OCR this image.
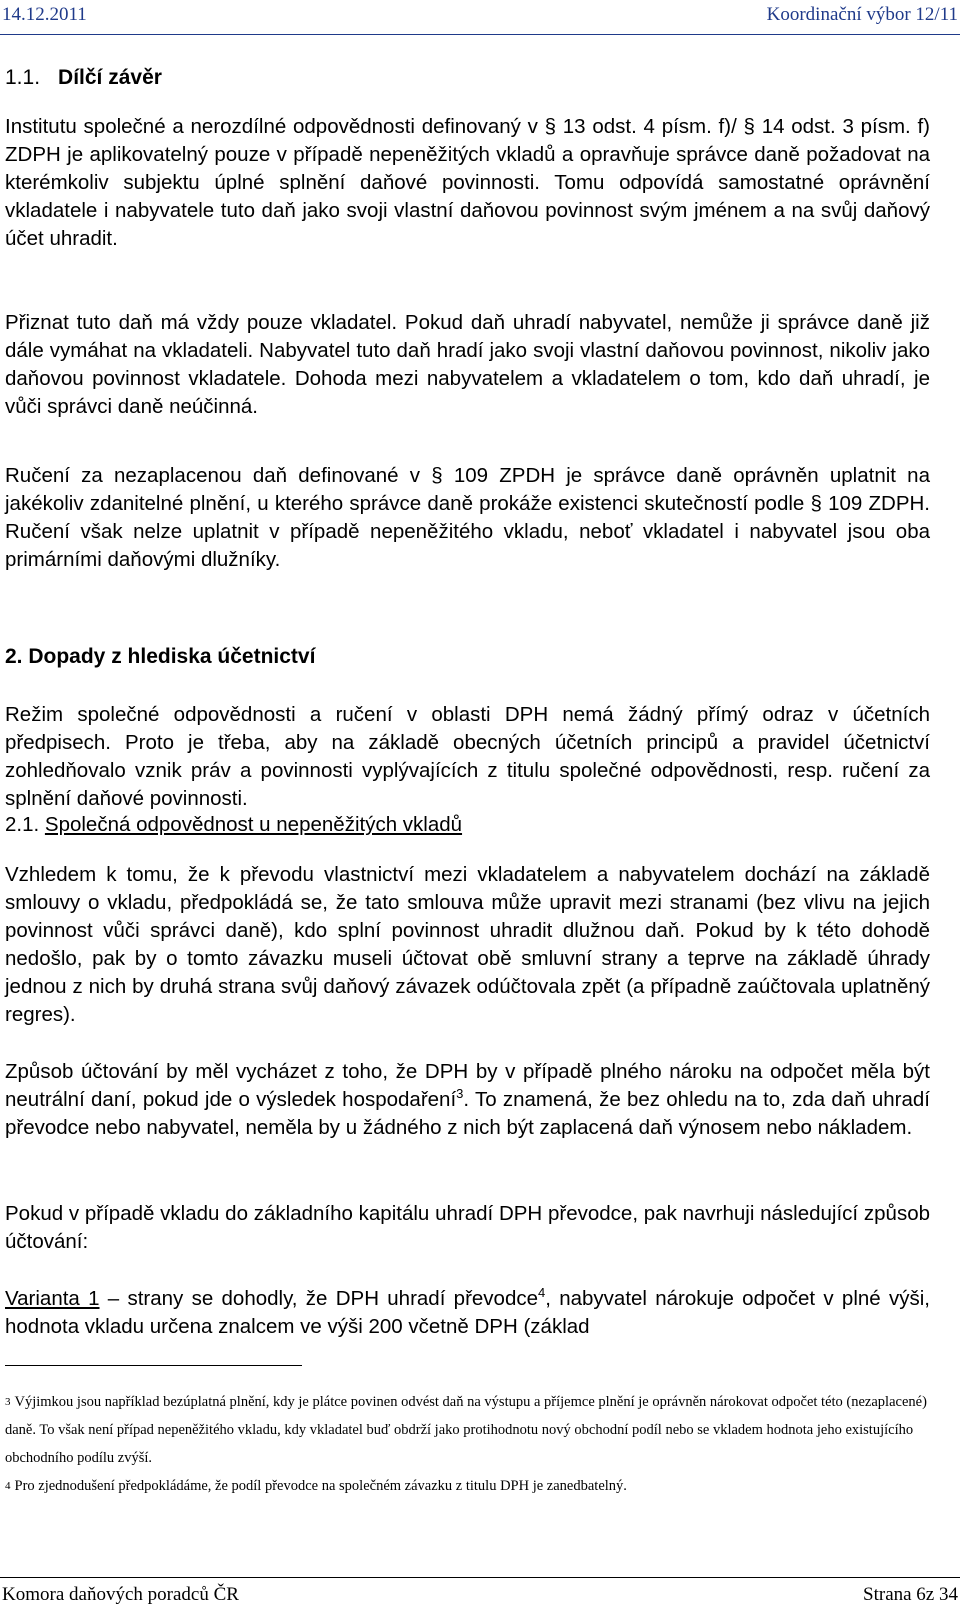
14.12.2011	Koordinační výbor 12/11
1.1. Dílčí závěr

Institutu společné a nerozdílné odpovědnosti definovaný v § 13 odst. 4 písm. f)/ § 14 odst. 3 písm. f) ZDPH je aplikovatelný pouze v případě nepeněžitých vkladů a opravňuje správce daně požadovat na kterémkoliv subjektu úplné splnění daňové povinnosti. Tomu odpovídá samostatné oprávnění vkladatele i nabyvatele tuto daň jako svoji vlastní daňovou povinnost svým jménem a na svůj daňový účet uhradit.

Přiznat tuto daň má vždy pouze vkladatel. Pokud daň uhradí nabyvatel, nemůže ji správce daně již dále vymáhat na vkladateli. Nabyvatel tuto daň hradí jako svoji vlastní daňovou povinnost, nikoliv jako daňovou povinnost vkladatele. Dohoda mezi nabyvatelem a vkladatelem o tom, kdo daň uhradí, je vůči správci daně neúčinná.

Ručení za nezaplacenou daň definované v § 109 ZPDH je správce daně oprávněn uplatnit na jakékoliv zdanitelné plnění, u kterého správce daně prokáže existenci skutečností podle § 109 ZDPH. Ručení však nelze uplatnit v případě nepeněžitého vkladu, neboť vkladatel i nabyvatel jsou oba primárními daňovými dlužníky.

2. Dopady z hlediska účetnictví

Režim společné odpovědnosti a ručení v oblasti DPH nemá žádný přímý odraz v účetních předpisech. Proto je třeba, aby na základě obecných účetních principů a pravidel účetnictví zohledňovalo vznik práv a povinnosti vyplývajících z titulu společné odpovědnosti, resp. ručení za splnění daňové povinnosti.

2.1. Společná odpovědnost u nepeněžitých vkladů

Vzhledem k tomu, že k převodu vlastnictví mezi vkladatelem a nabyvatelem dochází na základě smlouvy o vkladu, předpokládá se, že tato smlouva může upravit mezi stranami (bez vlivu na jejich povinnost vůči správci daně), kdo splní povinnost uhradit dlužnou daň. Pokud by k této dohodě nedošlo, pak by o tomto závazku museli účtovat obě smluvní strany a teprve na základě úhrady jednou z nich by druhá strana svůj daňový závazek odúčtovala zpět (a případně zaúčtovala uplatněný regres).

Způsob účtování by měl vycházet z toho, že DPH by v případě plného nároku na odpočet měla být neutrální daní, pokud jde o výsledek hospodaření$^3$. To znamená, že bez ohledu na to, zda daň uhradí převodce nebo nabyvatel, neměla by u žádného z nich být zaplacená daň výnosem nebo nákladem.

Pokud v případě vkladu do základního kapitálu uhradí DPH převodce, pak navrhuji následující způsob účtování:

Varianta 1 – strany se dohodly, že DPH uhradí převodce$^4$, nabyvatel nárokuje odpočet v plné výši, hodnota vkladu určena znalcem ve výši 200 včetně DPH (základ

3 Výjimkou jsou například bezúplatná plnění, kdy je plátce povinen odvést daň na výstupu a příjemce plnění je oprávněn nárokovat odpočet této (nezaplacené) daně. To však není případ nepeněžitého vkladu, kdy vkladatel buď obdrží jako protihodnotu nový obchodní podíl nebo se vkladem hodnota jeho existujícího obchodního podílu zvýší.

4 Pro zjednodušení předpokládáme, že podíl převodce na společném závazku z titulu DPH je zanedbatelný.

Komora daňových poradců ČR	Strana 6z 34
